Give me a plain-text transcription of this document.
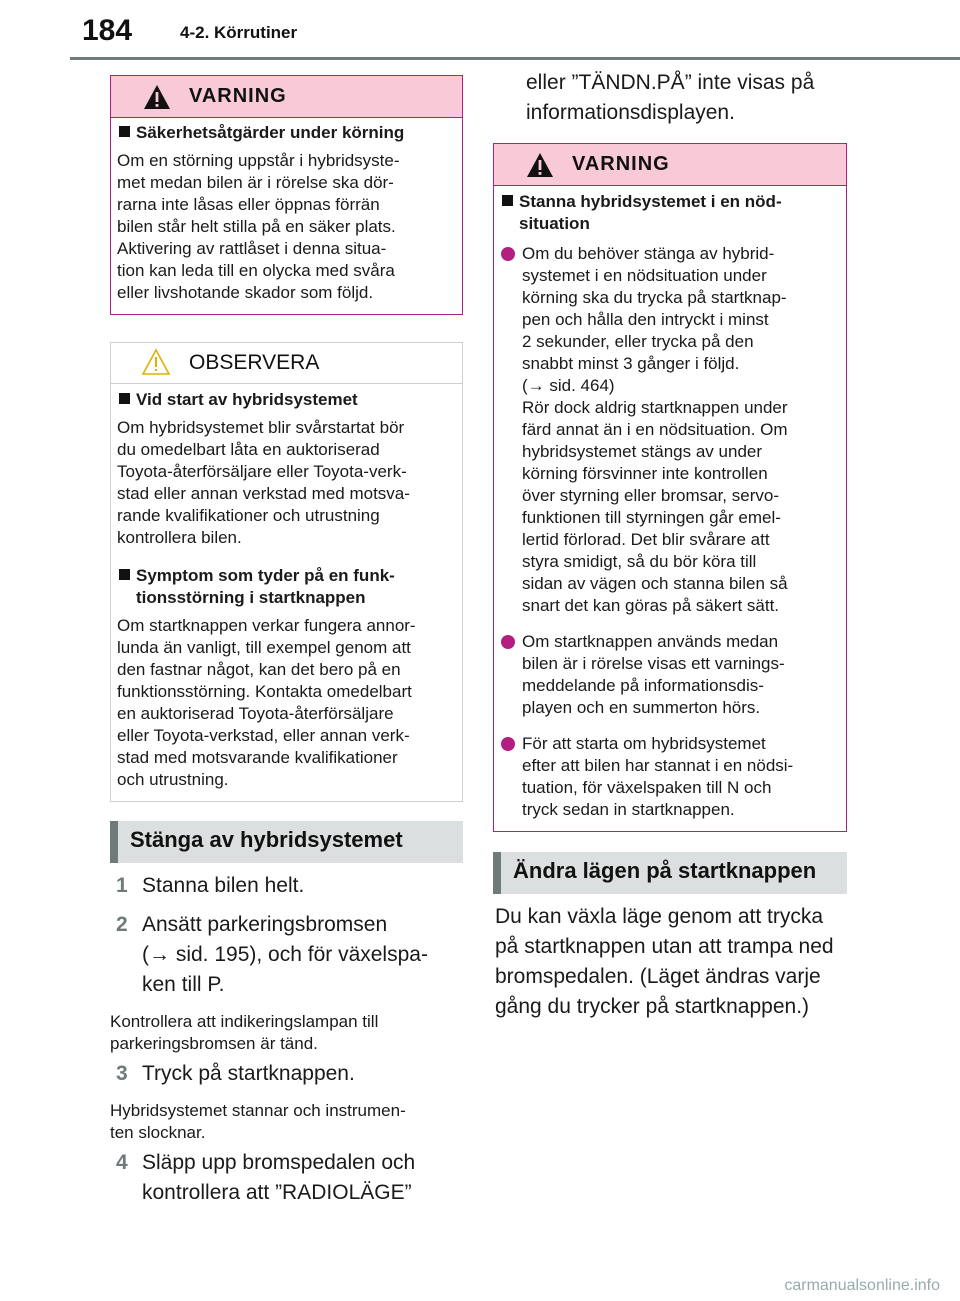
184	4-2. Körrutiner
VARNING
Säkerhetsåtgärder under körning
Om en störning uppstår i hybridsyste-
met medan bilen är i rörelse ska dör-
rarna inte låsas eller öppnas förrän
bilen står helt stilla på en säker plats.
Aktivering av rattlåset i denna situa-
tion kan leda till en olycka med svåra
eller livshotande skador som följd.
OBSERVERA
Vid start av hybridsystemet
Om hybridsystemet blir svårstartat bör
du omedelbart låta en auktoriserad
Toyota-återförsäljare eller Toyota-verk-
stad eller annan verkstad med motsva-
rande kvalifikationer och utrustning
kontrollera bilen.
Symptom som tyder på en funk-
tionsstörning i startknappen
Om startknappen verkar fungera annor-
lunda än vanligt, till exempel genom att
den fastnar något, kan det bero på en
funktionsstörning. Kontakta omedelbart
en auktoriserad Toyota-återförsäljare
eller Toyota-verkstad, eller annan verk-
stad med motsvarande kvalifikationer
och utrustning.
Stänga av hybridsystemet
1 Stanna bilen helt.
2 Ansätt parkeringsbromsen
(→ sid. 195), och för växelspa-
ken till P.
Kontrollera att indikeringslampan till
parkeringsbromsen är tänd.
3 Tryck på startknappen.
Hybridsystemet stannar och instrumen-
ten slocknar.
4 Släpp upp bromspedalen och
kontrollera att ”RADIOLÄGE”
eller ”TÄNDN.PÅ” inte visas på
informationsdisplayen.
VARNING
Stanna hybridsystemet i en nöd-
situation
Om du behöver stänga av hybrid-
systemet i en nödsituation under
körning ska du trycka på startknap-
pen och hålla den intryckt i minst
2 sekunder, eller trycka på den
snabbt minst 3 gånger i följd.
(→ sid. 464)
Rör dock aldrig startknappen under
färd annat än i en nödsituation. Om
hybridsystemet stängs av under
körning försvinner inte kontrollen
över styrning eller bromsar, servo-
funktionen till styrningen går emel-
lertid förlorad. Det blir svårare att
styra smidigt, så du bör köra till
sidan av vägen och stanna bilen så
snart det kan göras på säkert sätt.
Om startknappen används medan
bilen är i rörelse visas ett varnings-
meddelande på informationsdis-
playen och en summerton hörs.
För att starta om hybridsystemet
efter att bilen har stannat i en nödsi-
tuation, för växelspaken till N och
tryck sedan in startknappen.
Ändra lägen på startknappen
Du kan växla läge genom att trycka
på startknappen utan att trampa ned
bromspedalen. (Läget ändras varje
gång du trycker på startknappen.)
carmanualsonline.info
